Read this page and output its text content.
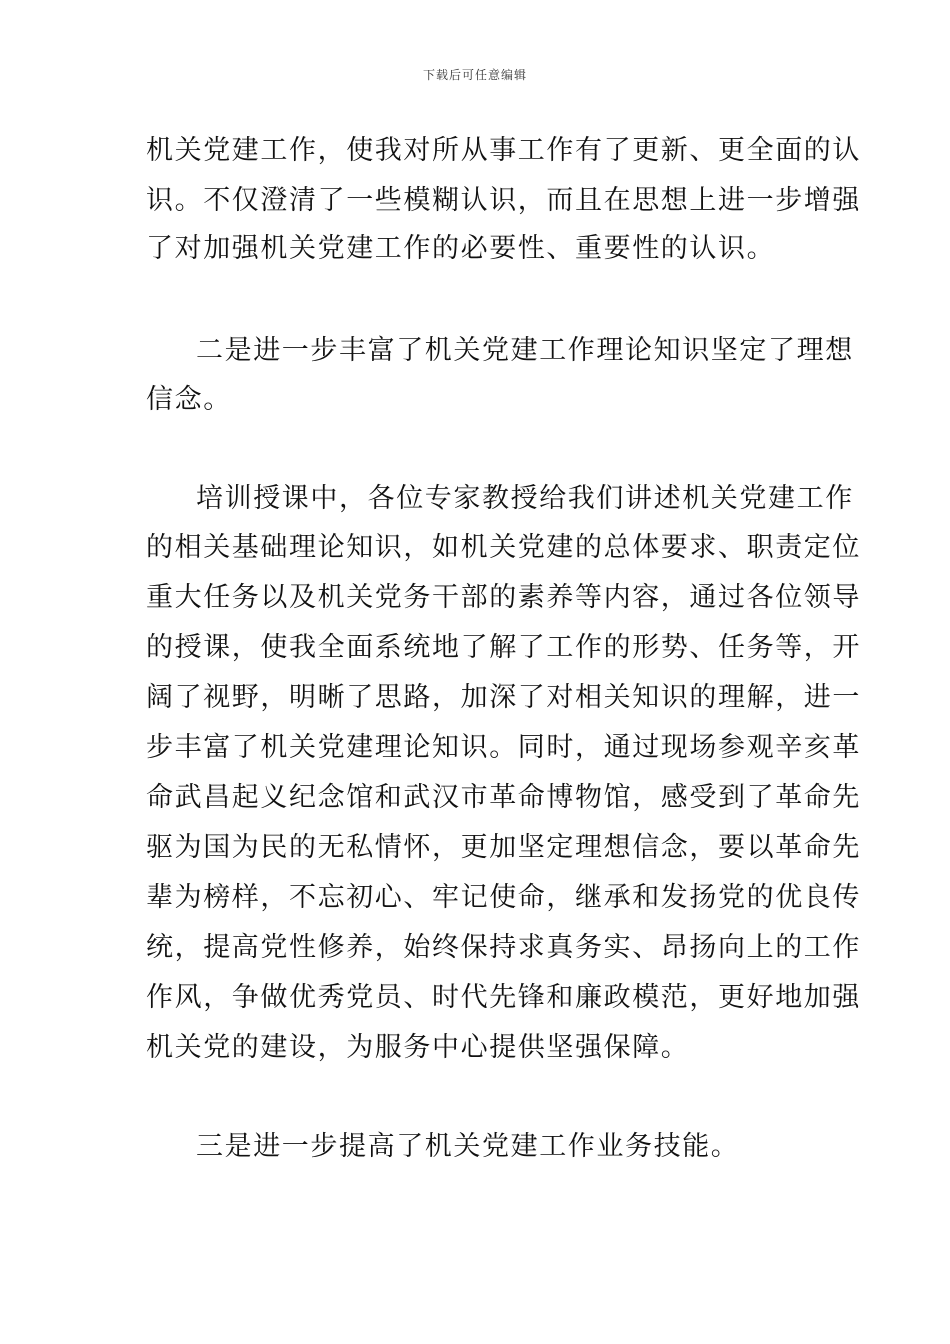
下载后可任意编辑
机关党建工作，使我对所从事工作有了更新、更全面的认
识。不仅澄清了一些模糊认识，而且在思想上进一步增强
了对加强机关党建工作的必要性、重要性的认识。
二是进一步丰富了机关党建工作理论知识坚定了理想
信念。
培训授课中，各位专家教授给我们讲述机关党建工作
的相关基础理论知识，如机关党建的总体要求、职责定位
重大任务以及机关党务干部的素养等内容，通过各位领导
的授课，使我全面系统地了解了工作的形势、任务等，开
阔了视野，明晰了思路，加深了对相关知识的理解，进一
步丰富了机关党建理论知识。同时，通过现场参观辛亥革
命武昌起义纪念馆和武汉市革命博物馆，感受到了革命先
驱为国为民的无私情怀，更加坚定理想信念，要以革命先
辈为榜样，不忘初心、牢记使命，继承和发扬党的优良传
统，提高党性修养，始终保持求真务实、昂扬向上的工作
作风，争做优秀党员、时代先锋和廉政模范，更好地加强
机关党的建设，为服务中心提供坚强保障。
三是进一步提高了机关党建工作业务技能。
